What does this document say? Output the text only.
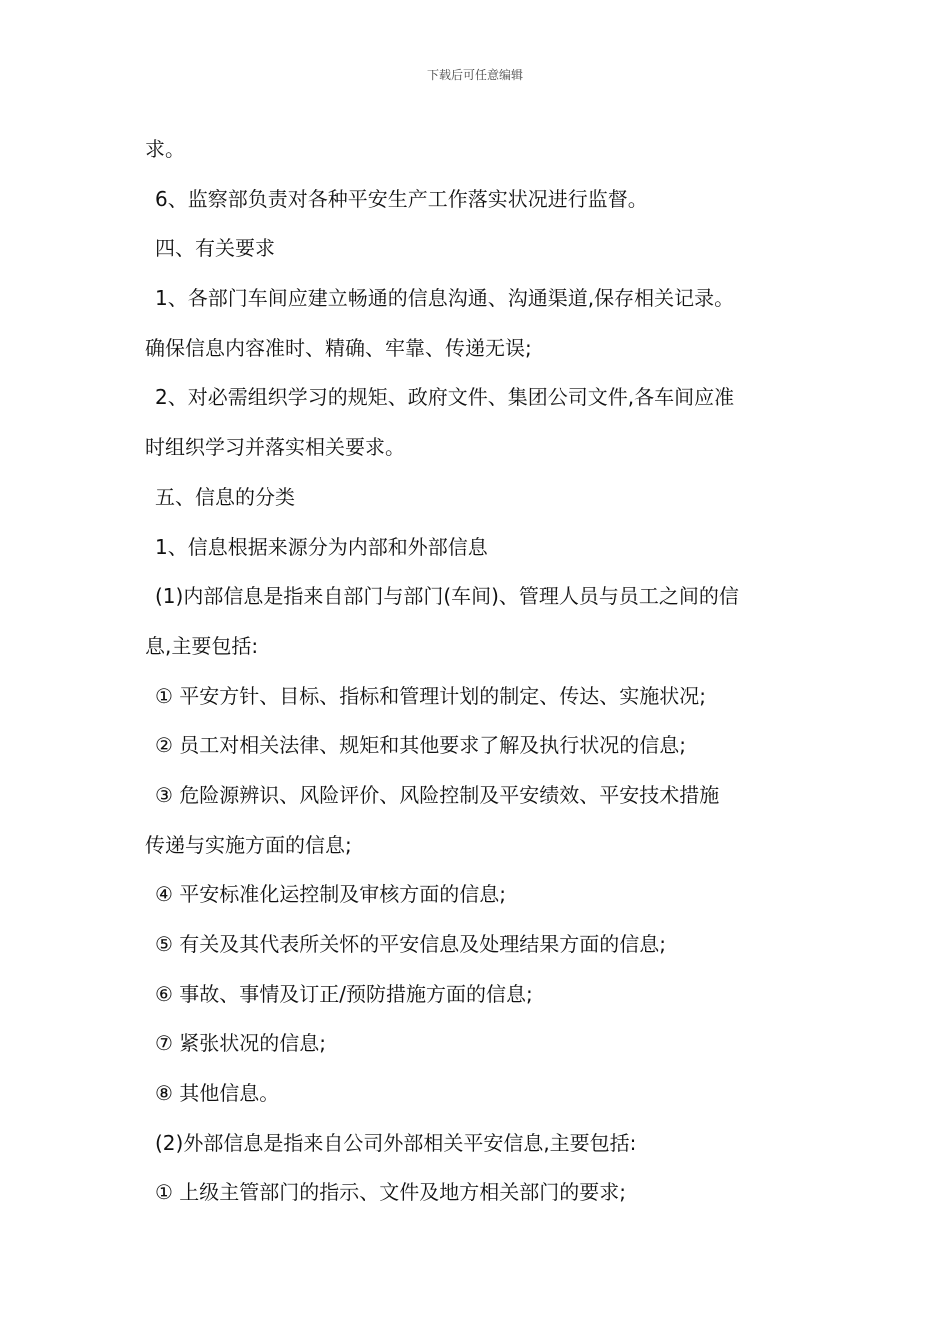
下载后可任意编辑
求。
6、监察部负责对各种平安生产工作落实状况进行监督。
四、有关要求
1、各部门车间应建立畅通的信息沟通、沟通渠道,保存相关记录。
确保信息内容准时、精确、牢靠、传递无误;
2、对必需组织学习的规矩、政府文件、集团公司文件,各车间应准
时组织学习并落实相关要求。
五、信息的分类
1、信息根据来源分为内部和外部信息
(1)内部信息是指来自部门与部门(车间)、管理人员与员工之间的信
息,主要包括:
① 平安方针、目标、指标和管理计划的制定、传达、实施状况;
② 员工对相关法律、规矩和其他要求了解及执行状况的信息;
③ 危险源辨识、风险评价、风险控制及平安绩效、平安技术措施
传递与实施方面的信息;
④ 平安标准化运控制及审核方面的信息;
⑤ 有关及其代表所关怀的平安信息及处理结果方面的信息;
⑥ 事故、事情及订正/预防措施方面的信息;
⑦ 紧张状况的信息;
⑧ 其他信息。
(2)外部信息是指来自公司外部相关平安信息,主要包括:
① 上级主管部门的指示、文件及地方相关部门的要求;
